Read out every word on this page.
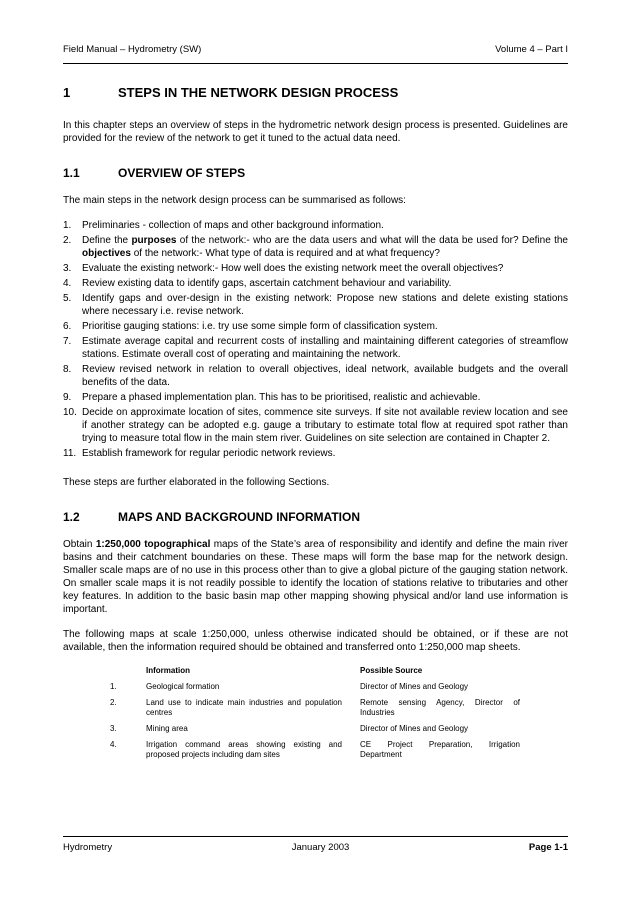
Field Manual – Hydrometry (SW)	Volume 4 – Part I
1	STEPS IN THE NETWORK DESIGN PROCESS

In this chapter steps an overview of steps in the hydrometric network design process is presented. Guidelines are provided for the review of the network to get it tuned to the actual data need.

1.1	OVERVIEW OF STEPS

The main steps in the network design process can be summarised as follows:

1.	Preliminaries - collection of maps and other background information.
2.	Define the purposes of the network:- who are the data users and what will the data be used for? Define the objectives of the network:- What type of data is required and at what frequency?
3.	Evaluate the existing network:- How well does the existing network meet the overall objectives?
4.	Review existing data to identify gaps, ascertain catchment behaviour and variability.
5.	Identify gaps and over-design in the existing network: Propose new stations and delete existing stations where necessary i.e. revise network.
6.	Prioritise gauging stations: i.e. try use some simple form of classification system.
7.	Estimate average capital and recurrent costs of installing and maintaining different categories of streamflow stations. Estimate overall cost of operating and maintaining the network.
8.	Review revised network in relation to overall objectives, ideal network, available budgets and the overall benefits of the data.
9.	Prepare a phased implementation plan. This has to be prioritised, realistic and achievable.
10. Decide on approximate location of sites, commence site surveys. If site not available review location and see if another strategy can be adopted e.g. gauge a tributary to estimate total flow at required spot rather than trying to measure total flow in the main stem river. Guidelines on site selection are contained in Chapter 2.
11. Establish framework for regular periodic network reviews.

These steps are further elaborated in the following Sections.

1.2	MAPS AND BACKGROUND INFORMATION

Obtain 1:250,000 topographical maps of the State’s area of responsibility and identify and define the main river basins and their catchment boundaries on these. These maps will form the base map for the network design. Smaller scale maps are of no use in this process other than to give a global picture of the gauging station network. On smaller scale maps it is not readily possible to identify the location of stations relative to tributaries and other key features. In addition to the basic basin map other mapping showing physical and/or land use information is important.

The following maps at scale 1:250,000, unless otherwise indicated should be obtained, or if these are not available, then the information required should be obtained and transferred onto 1:250,000 map sheets.

	Information	Possible Source
1.	Geological formation	Director of Mines and Geology
2.	Land use to indicate main industries and population centres	Remote sensing Agency, Director of Industries
3.	Mining area	Director of Mines and Geology
4.	Irrigation command areas showing existing and proposed projects including dam sites	CE Project Preparation, Irrigation Department
Hydrometry	January 2003	Page 1-1
